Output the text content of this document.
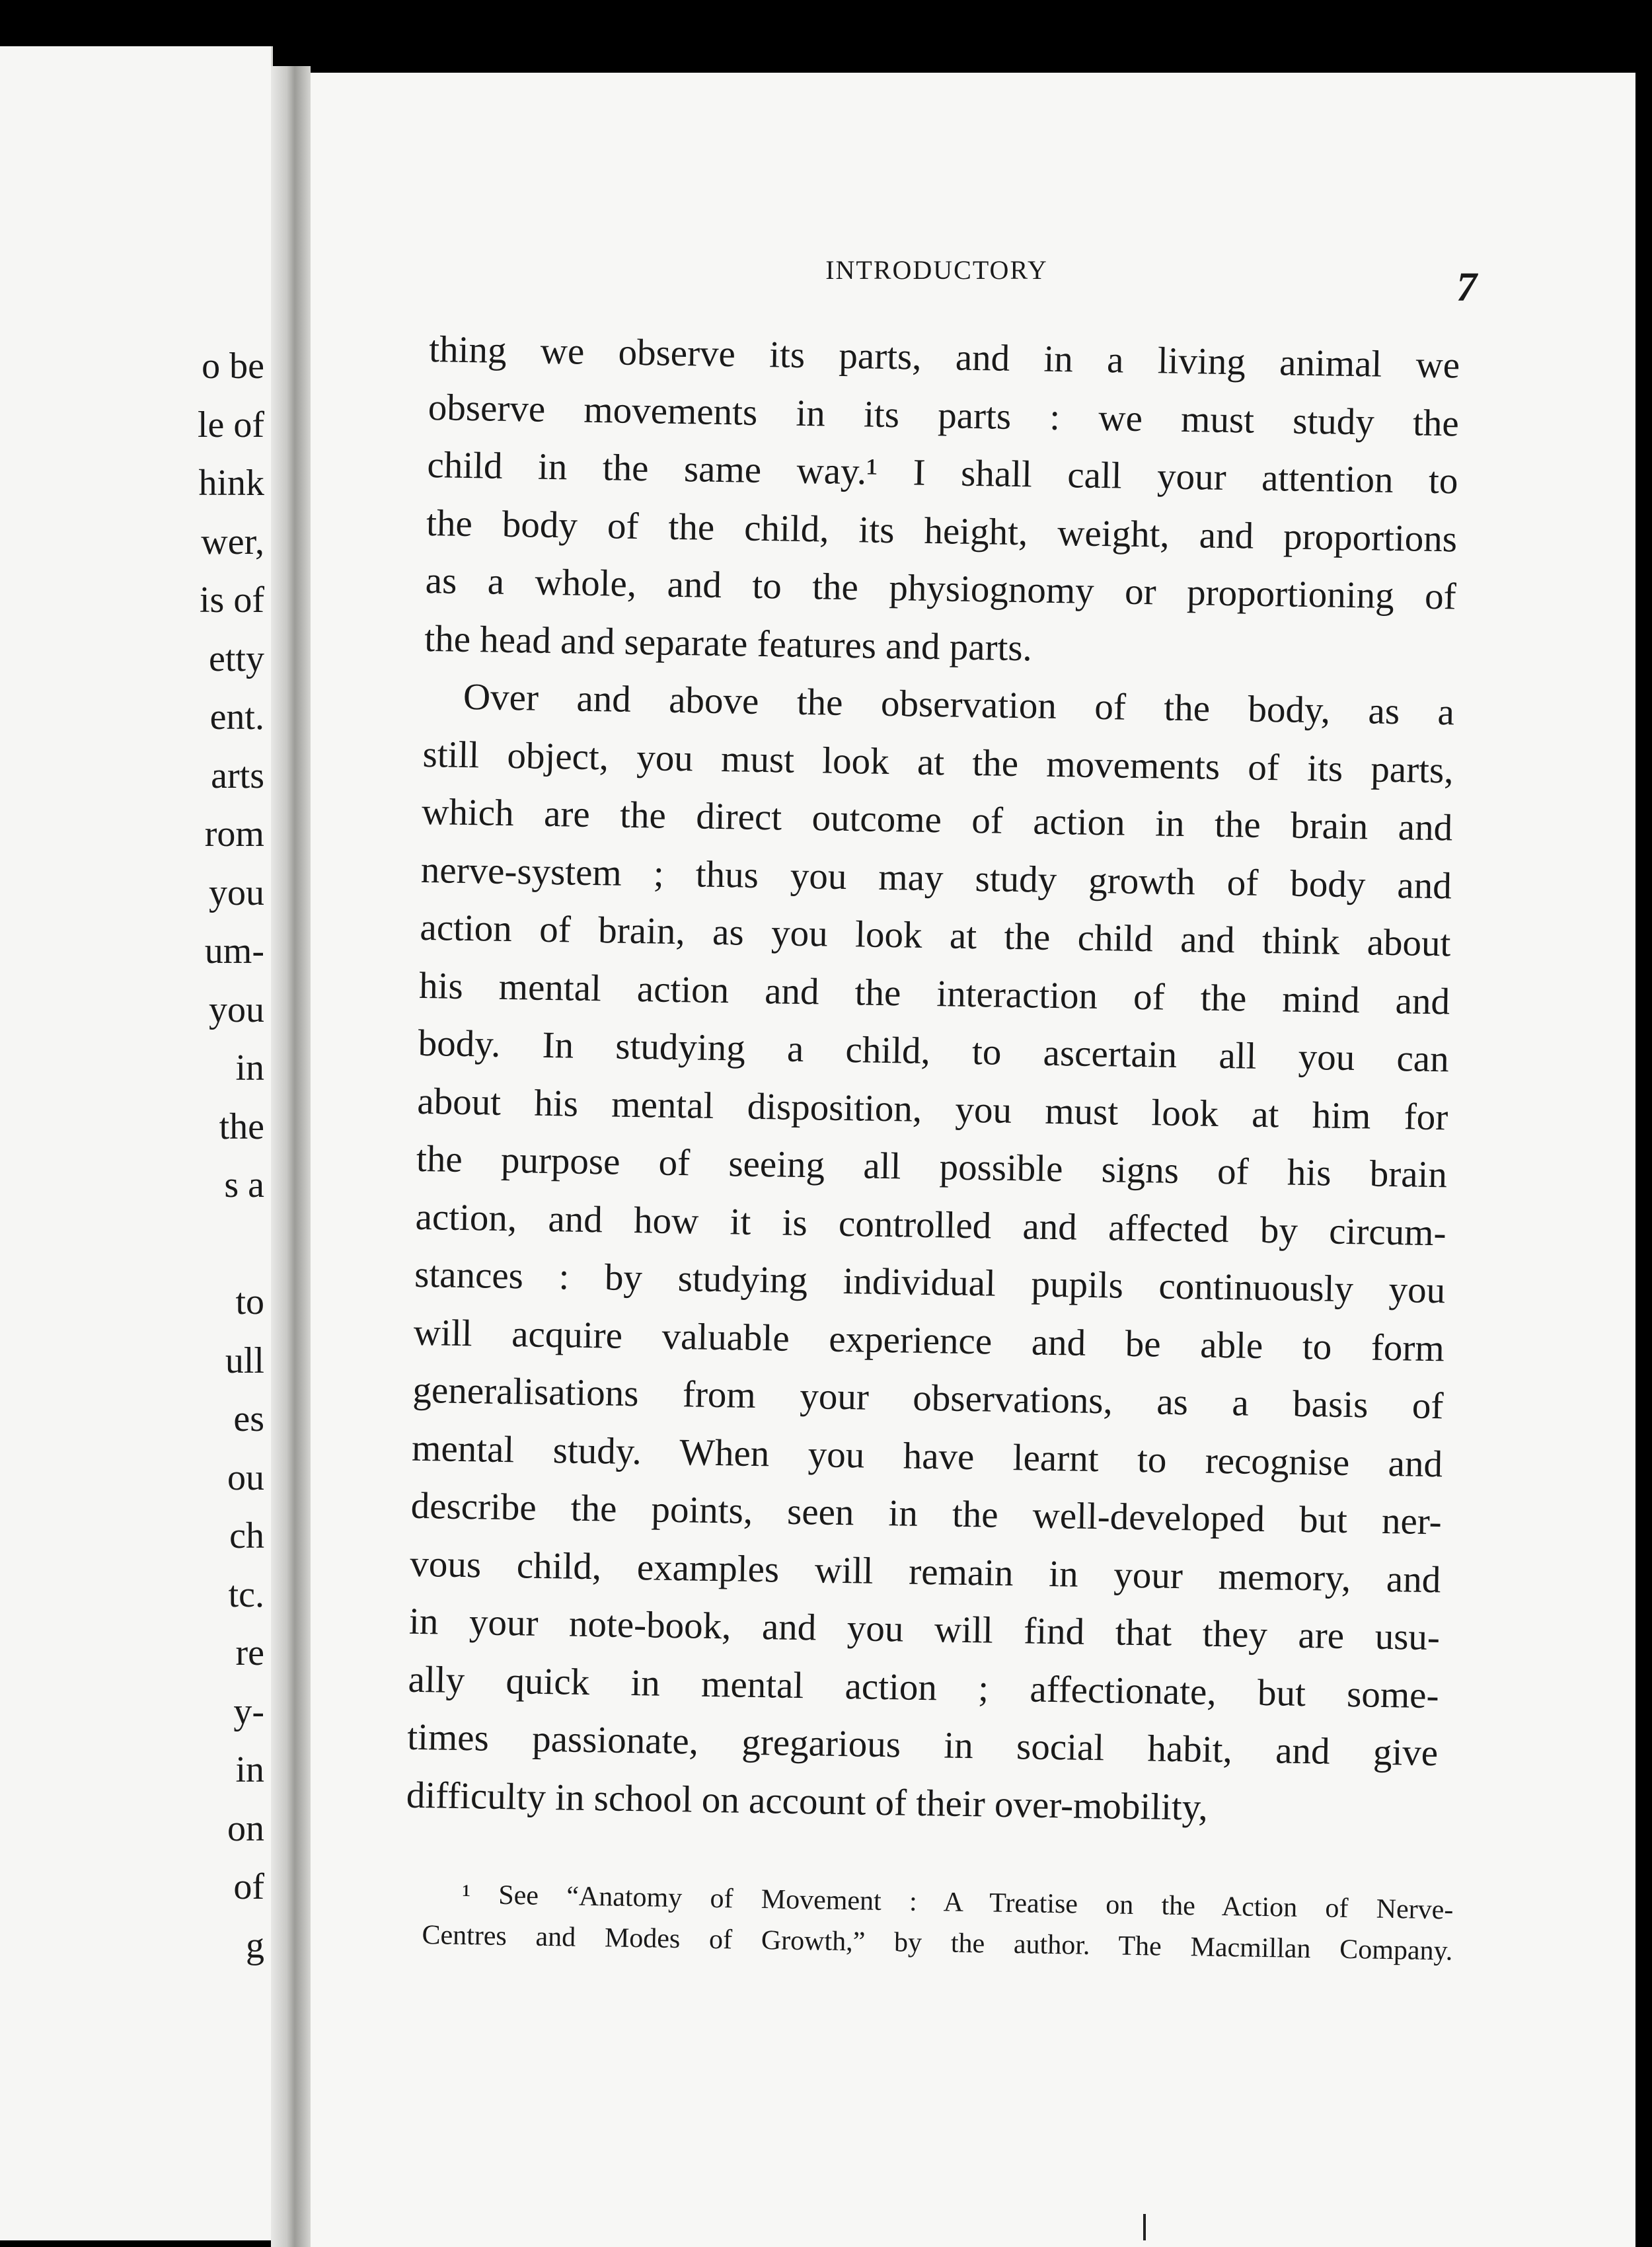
o be
le of
hink
wer,
is of
etty
ent.
arts
rom
you
um-
you
in
the
s a
to
ull
es
ou
ch
tc.
re
y-
in
on
of
g
INTRODUCTORY	7

thing we observe its parts, and in a living animal we
observe movements in its parts : we must study the
child in the same way.¹ I shall call your attention to
the body of the child, its height, weight, and proportions
as a whole, and to the physiognomy or proportioning of
the head and separate features and parts.

Over and above the observation of the body, as a
still object, you must look at the movements of its parts,
which are the direct outcome of action in the brain and
nerve-system ; thus you may study growth of body and
action of brain, as you look at the child and think about
his mental action and the interaction of the mind and
body. In studying a child, to ascertain all you can
about his mental disposition, you must look at him for
the purpose of seeing all possible signs of his brain
action, and how it is controlled and affected by circum-
stances : by studying individual pupils continuously you
will acquire valuable experience and be able to form
generalisations from your observations, as a basis of
mental study. When you have learnt to recognise and
describe the points, seen in the well-developed but ner-
vous child, examples will remain in your memory, and
in your note-book, and you will find that they are usu-
ally quick in mental action ; affectionate, but some-
times passionate, gregarious in social habit, and give
difficulty in school on account of their over-mobility,

¹ See “Anatomy of Movement : A Treatise on the Action of Nerve-
Centres and Modes of Growth,” by the author. The Macmillan Company.
